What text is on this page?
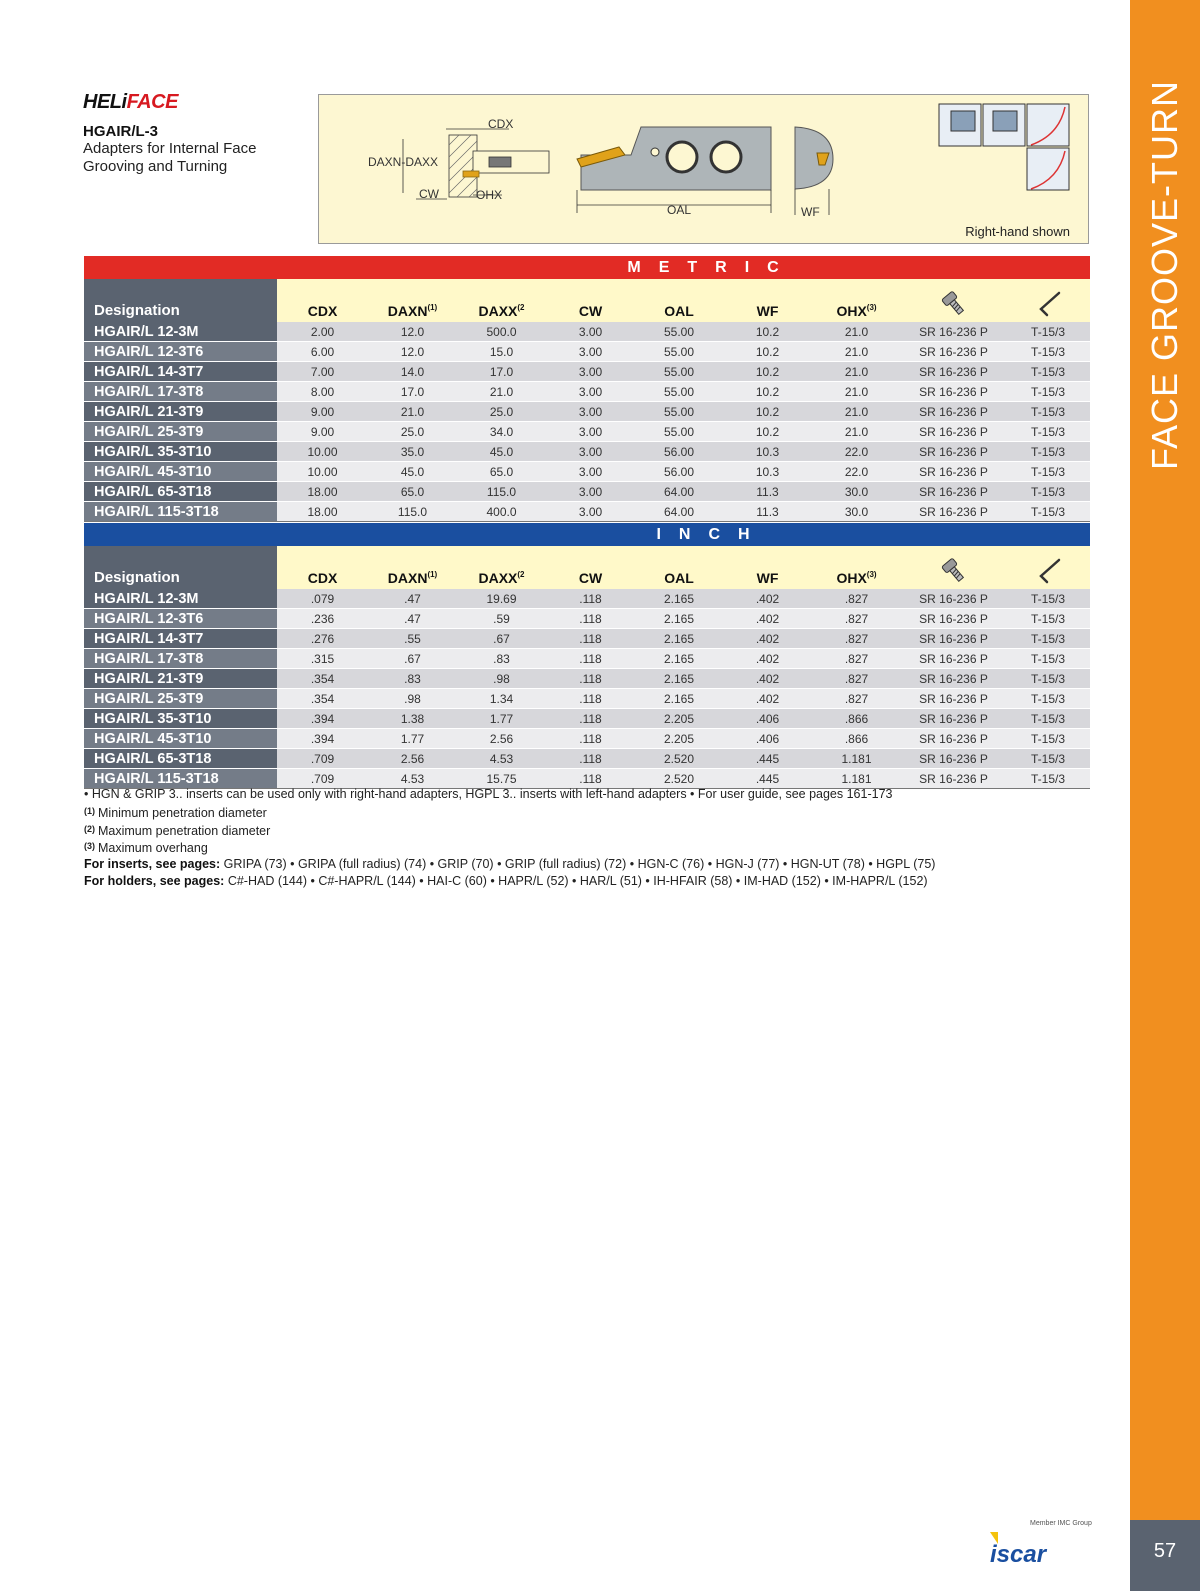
FACE GROOVE-TURN
57
HELiFACE
HGAIR/L-3
Adapters for Internal Face Grooving and Turning
CDX
DAXN-DAXX
CW	OHX
OAL	WF
Right-hand shown
METRIC									
Designation	CDX	DAXN$^{(1)}$	DAXX$^{(2}$	CW	OAL	WF	OHX$^{(3)}$		
HGAIR/L 12-3M	2.00	12.0	500.0	3.00	55.00	10.2	21.0	SR 16-236 P	T-15/3
HGAIR/L 12-3T6	6.00	12.0	15.0	3.00	55.00	10.2	21.0	SR 16-236 P	T-15/3
HGAIR/L 14-3T7	7.00	14.0	17.0	3.00	55.00	10.2	21.0	SR 16-236 P	T-15/3
HGAIR/L 17-3T8	8.00	17.0	21.0	3.00	55.00	10.2	21.0	SR 16-236 P	T-15/3
HGAIR/L 21-3T9	9.00	21.0	25.0	3.00	55.00	10.2	21.0	SR 16-236 P	T-15/3
HGAIR/L 25-3T9	9.00	25.0	34.0	3.00	55.00	10.2	21.0	SR 16-236 P	T-15/3
HGAIR/L 35-3T10	10.00	35.0	45.0	3.00	56.00	10.3	22.0	SR 16-236 P	T-15/3
HGAIR/L 45-3T10	10.00	45.0	65.0	3.00	56.00	10.3	22.0	SR 16-236 P	T-15/3
HGAIR/L 65-3T18	18.00	65.0	115.0	3.00	64.00	11.3	30.0	SR 16-236 P	T-15/3
HGAIR/L 115-3T18	18.00	115.0	400.0	3.00	64.00	11.3	30.0	SR 16-236 P	T-15/3
INCH									
Designation	CDX	DAXN$^{(1)}$	DAXX$^{(2}$	CW	OAL	WF	OHX$^{(3)}$		
HGAIR/L 12-3M	.079	.47	19.69	.118	2.165	.402	.827	SR 16-236 P	T-15/3
HGAIR/L 12-3T6	.236	.47	.59	.118	2.165	.402	.827	SR 16-236 P	T-15/3
HGAIR/L 14-3T7	.276	.55	.67	.118	2.165	.402	.827	SR 16-236 P	T-15/3
HGAIR/L 17-3T8	.315	.67	.83	.118	2.165	.402	.827	SR 16-236 P	T-15/3
HGAIR/L 21-3T9	.354	.83	.98	.118	2.165	.402	.827	SR 16-236 P	T-15/3
HGAIR/L 25-3T9	.354	.98	1.34	.118	2.165	.402	.827	SR 16-236 P	T-15/3
HGAIR/L 35-3T10	.394	1.38	1.77	.118	2.205	.406	.866	SR 16-236 P	T-15/3
HGAIR/L 45-3T10	.394	1.77	2.56	.118	2.205	.406	.866	SR 16-236 P	T-15/3
HGAIR/L 65-3T18	.709	2.56	4.53	.118	2.520	.445	1.181	SR 16-236 P	T-15/3
HGAIR/L 115-3T18	.709	4.53	15.75	.118	2.520	.445	1.181	SR 16-236 P	T-15/3
• HGN & GRIP 3.. inserts can be used only with right-hand adapters, HGPL 3.. inserts with left-hand adapters • For user guide, see pages 161-173
$^{(1)}$ Minimum penetration diameter
$^{(2)}$ Maximum penetration diameter
$^{(3)}$ Maximum overhang
For inserts, see pages: GRIPA (73) • GRIPA (full radius) (74) • GRIP (70) • GRIP (full radius) (72) • HGN-C (76) • HGN-J (77) • HGN-UT (78) • HGPL (75)
For holders, see pages: C#-HAD (144) • C#-HAPR/L (144) • HAI-C (60) • HAPR/L (52) • HAR/L (51) • IH-HFAIR (58) • IM-HAD (152) • IM-HAPR/L (152)
Member IMC Group
iscar
